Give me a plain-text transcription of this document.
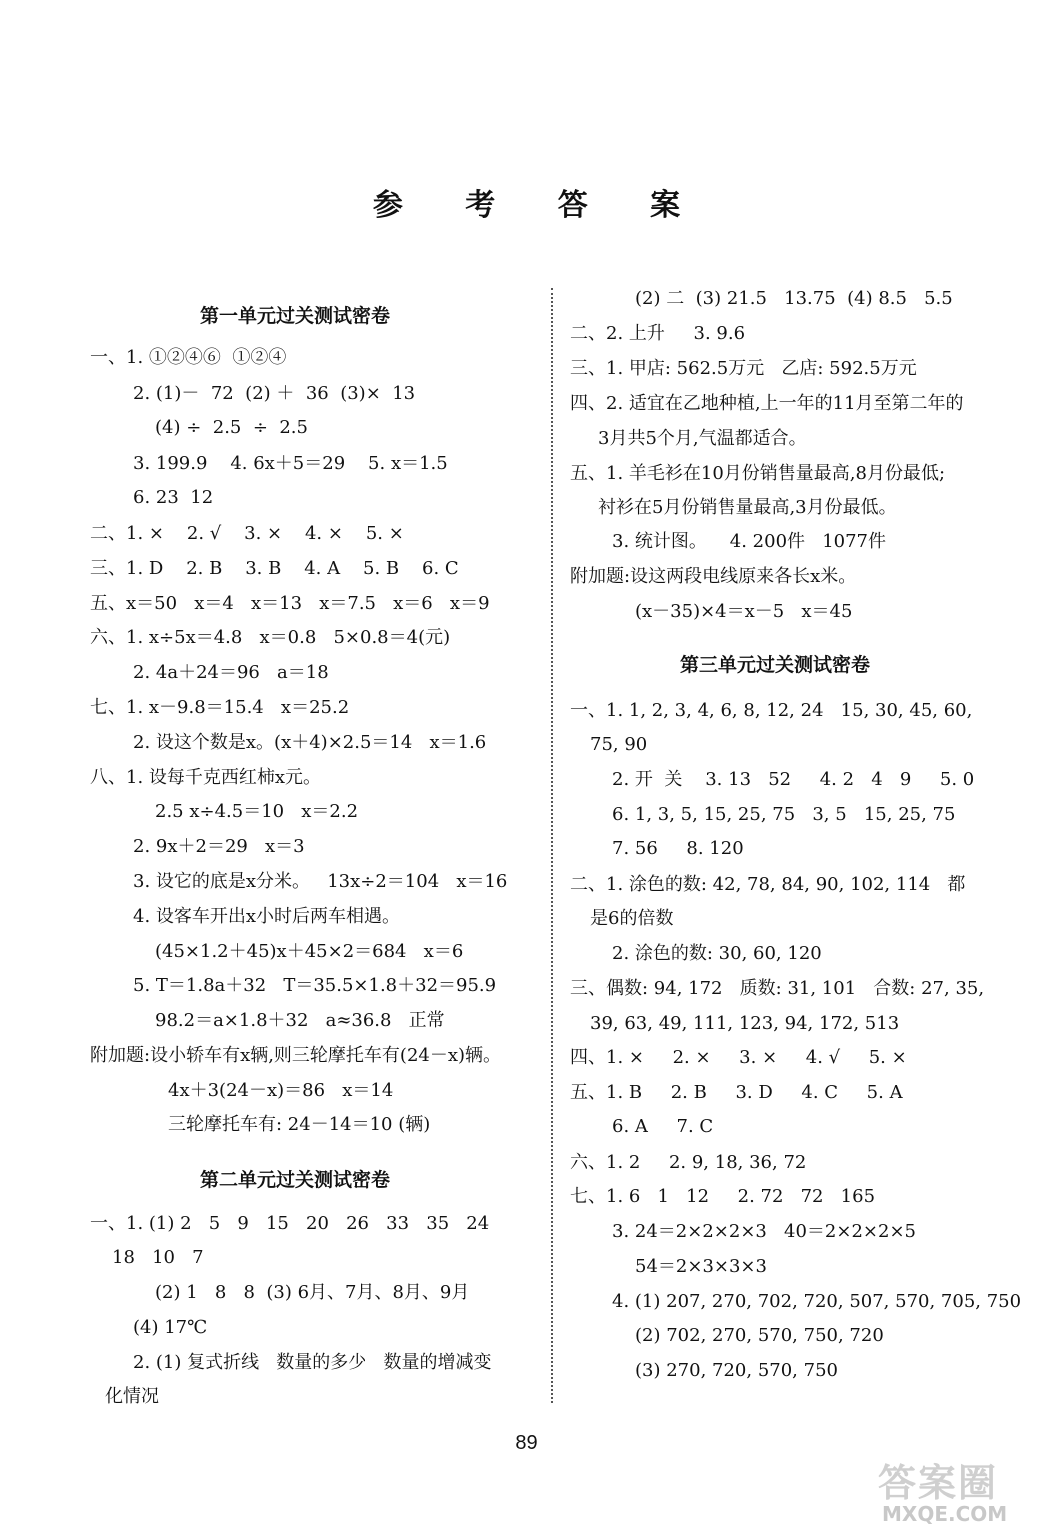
参 考 答 案
第一单元过关测试密卷
一、1. ①②④⑥  ①②④
2. (1)－  72  (2) ＋  36  (3)×  13
(4) ÷  2.5  ÷  2.5
3. 199.9    4. 6x＋5＝29    5. x＝1.5
6. 23  12
二、1. ×    2. √    3. ×    4. ×    5. ×
三、1. D    2. B    3. B    4. A    5. B    6. C
五、x＝50   x＝4   x＝13   x＝7.5   x＝6   x＝9
六、1. x÷5x＝4.8   x＝0.8   5×0.8＝4(元)
2. 4a＋24＝96   a＝18
七、1. x－9.8＝15.4   x＝25.2
2. 设这个数是x。(x＋4)×2.5＝14   x＝1.6
八、1. 设每千克西红柿x元。
2.5 x÷4.5＝10   x＝2.2
2. 9x＋2＝29   x＝3
3. 设它的底是x分米。   13x÷2＝104   x＝16
4. 设客车开出x小时后两车相遇。
(45×1.2＋45)x＋45×2＝684   x＝6
5. T＝1.8a＋32   T＝35.5×1.8＋32＝95.9
98.2＝a×1.8＋32   a≈36.8   正常
附加题:设小轿车有x辆,则三轮摩托车有(24－x)辆。
4x＋3(24－x)＝86   x＝14
三轮摩托车有: 24－14＝10 (辆)
第二单元过关测试密卷
一、1. (1) 2   5   9   15   20   26   33   35   24
18   10   7
(2) 1   8   8  (3) 6月、7月、8月、9月
(4) 17℃
2. (1) 复式折线   数量的多少   数量的增减变
化情况
(2) 二  (3) 21.5   13.75  (4) 8.5   5.5
二、2. 上升     3. 9.6
三、1. 甲店: 562.5万元   乙店: 592.5万元
四、2. 适宜在乙地种植,上一年的11月至第二年的
3月共5个月,气温都适合。
五、1. 羊毛衫在10月份销售量最高,8月份最低;
衬衫在5月份销售量最高,3月份最低。
3. 统计图。    4. 200件   1077件
附加题:设这两段电线原来各长x米。
(x－35)×4＝x－5   x＝45
第三单元过关测试密卷
一、1. 1, 2, 3, 4, 6, 8, 12, 24   15, 30, 45, 60,
75, 90
2. 开  关    3. 13   52     4. 2   4   9     5. 0
6. 1, 3, 5, 15, 25, 75   3, 5   15, 25, 75
7. 56     8. 120
二、1. 涂色的数: 42, 78, 84, 90, 102, 114   都
是6的倍数
2. 涂色的数: 30, 60, 120
三、偶数: 94, 172   质数: 31, 101   合数: 27, 35,
39, 63, 49, 111, 123, 94, 172, 513
四、1. ×     2. ×     3. ×     4. √     5. ×
五、1. B     2. B     3. D     4. C     5. A
6. A     7. C
六、1. 2     2. 9, 18, 36, 72
七、1. 6   1   12     2. 72   72   165
3. 24＝2×2×2×3   40＝2×2×2×5
54＝2×3×3×3
4. (1) 207, 270, 702, 720, 507, 570, 705, 750
(2) 702, 270, 570, 750, 720
(3) 270, 720, 570, 750
89
答案圈
MXQE.COM
